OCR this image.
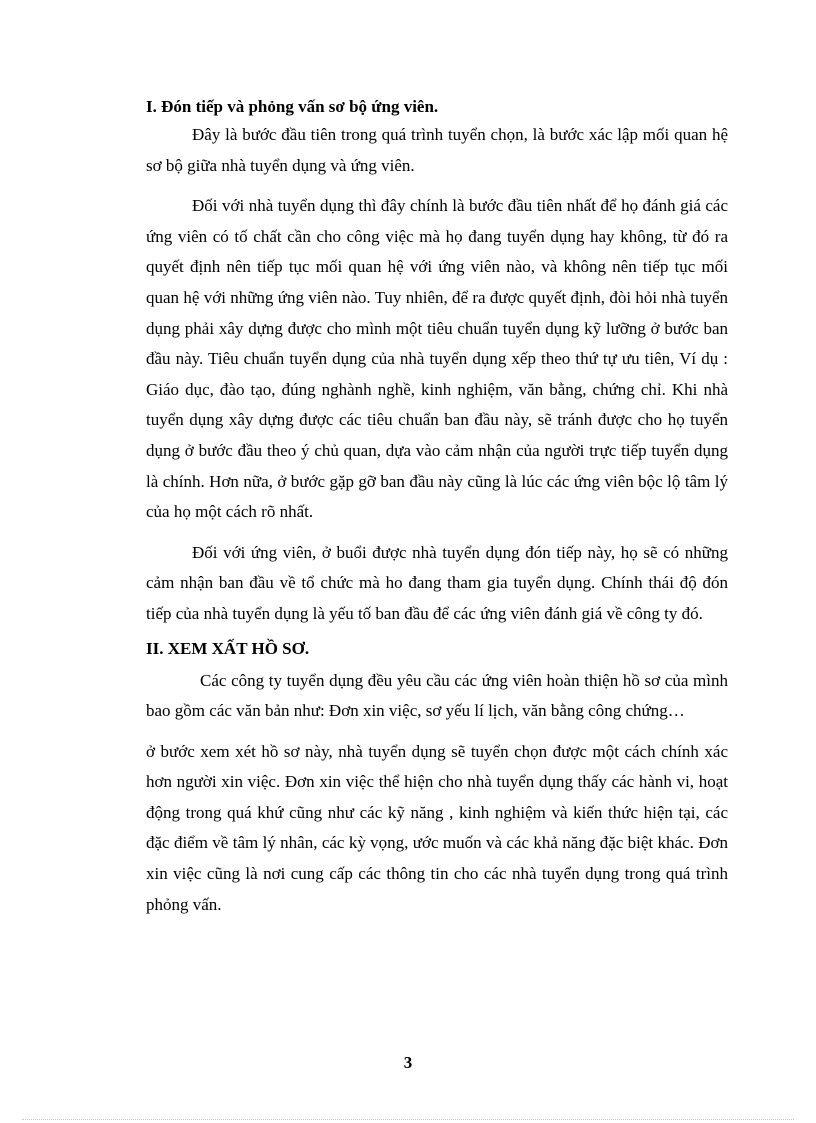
I. Đón tiếp và phỏng vấn sơ bộ ứng viên.

Đây là bước đầu tiên trong quá trình tuyển chọn, là bước xác lập mối quan hệ sơ bộ giữa nhà tuyển dụng và ứng viên.

Đối với nhà tuyển dụng thì đây chính là bước đầu tiên nhất để họ đánh giá các ứng viên có tố chất cần cho công việc mà họ đang tuyển dụng hay không, từ đó ra quyết định nên tiếp tục mối quan hệ với ứng viên nào, và không nên tiếp tục mối quan hệ với những ứng viên nào. Tuy nhiên, để ra được quyết định, đòi hỏi nhà tuyển dụng phải xây dựng được cho mình một tiêu chuẩn tuyển dụng kỹ lưỡng ở bước ban đầu này. Tiêu chuẩn tuyển dụng của nhà tuyển dụng xếp theo thứ tự ưu tiên, Ví dụ : Giáo dục, đào tạo, đúng nghành nghề, kinh nghiệm, văn bằng, chứng chỉ. Khi nhà tuyển dụng xây dựng được các tiêu chuẩn ban đầu này, sẽ tránh được cho họ tuyển dụng ở bước đầu theo ý chủ quan, dựa vào cảm nhận của người trực tiếp tuyển dụng là chính. Hơn nữa, ở bước gặp gỡ ban đầu này cũng là lúc các ứng viên bộc lộ tâm lý của họ một cách rõ nhất.

Đối với ứng viên, ở buổi được nhà tuyển dụng đón tiếp này, họ sẽ có những cảm nhận ban đầu về tổ chức mà ho đang tham gia tuyển dụng. Chính thái độ đón tiếp của nhà tuyển dụng là yếu tố ban đầu để các ứng viên đánh giá về công ty đó.

II. XEM XẤT HỒ SƠ.

Các công ty tuyển dụng đều yêu cầu các ứng viên hoàn thiện hồ sơ của mình bao gồm các văn bản như: Đơn xin việc, sơ yếu lí lịch, văn bằng công chứng…

ở bước xem xét hồ sơ này, nhà tuyển dụng sẽ tuyển chọn được một cách chính xác hơn người xin việc. Đơn xin việc thể hiện cho nhà tuyển dụng thấy các hành vi, hoạt động trong quá khứ cũng như các kỹ năng , kinh nghiệm và kiến thức hiện tại, các đặc điểm về tâm lý nhân, các kỳ vọng, ước muốn và các khả năng đặc biệt khác. Đơn xin việc cũng là nơi cung cấp các thông tin cho các nhà tuyển dụng trong quá trình phỏng vấn.

3
